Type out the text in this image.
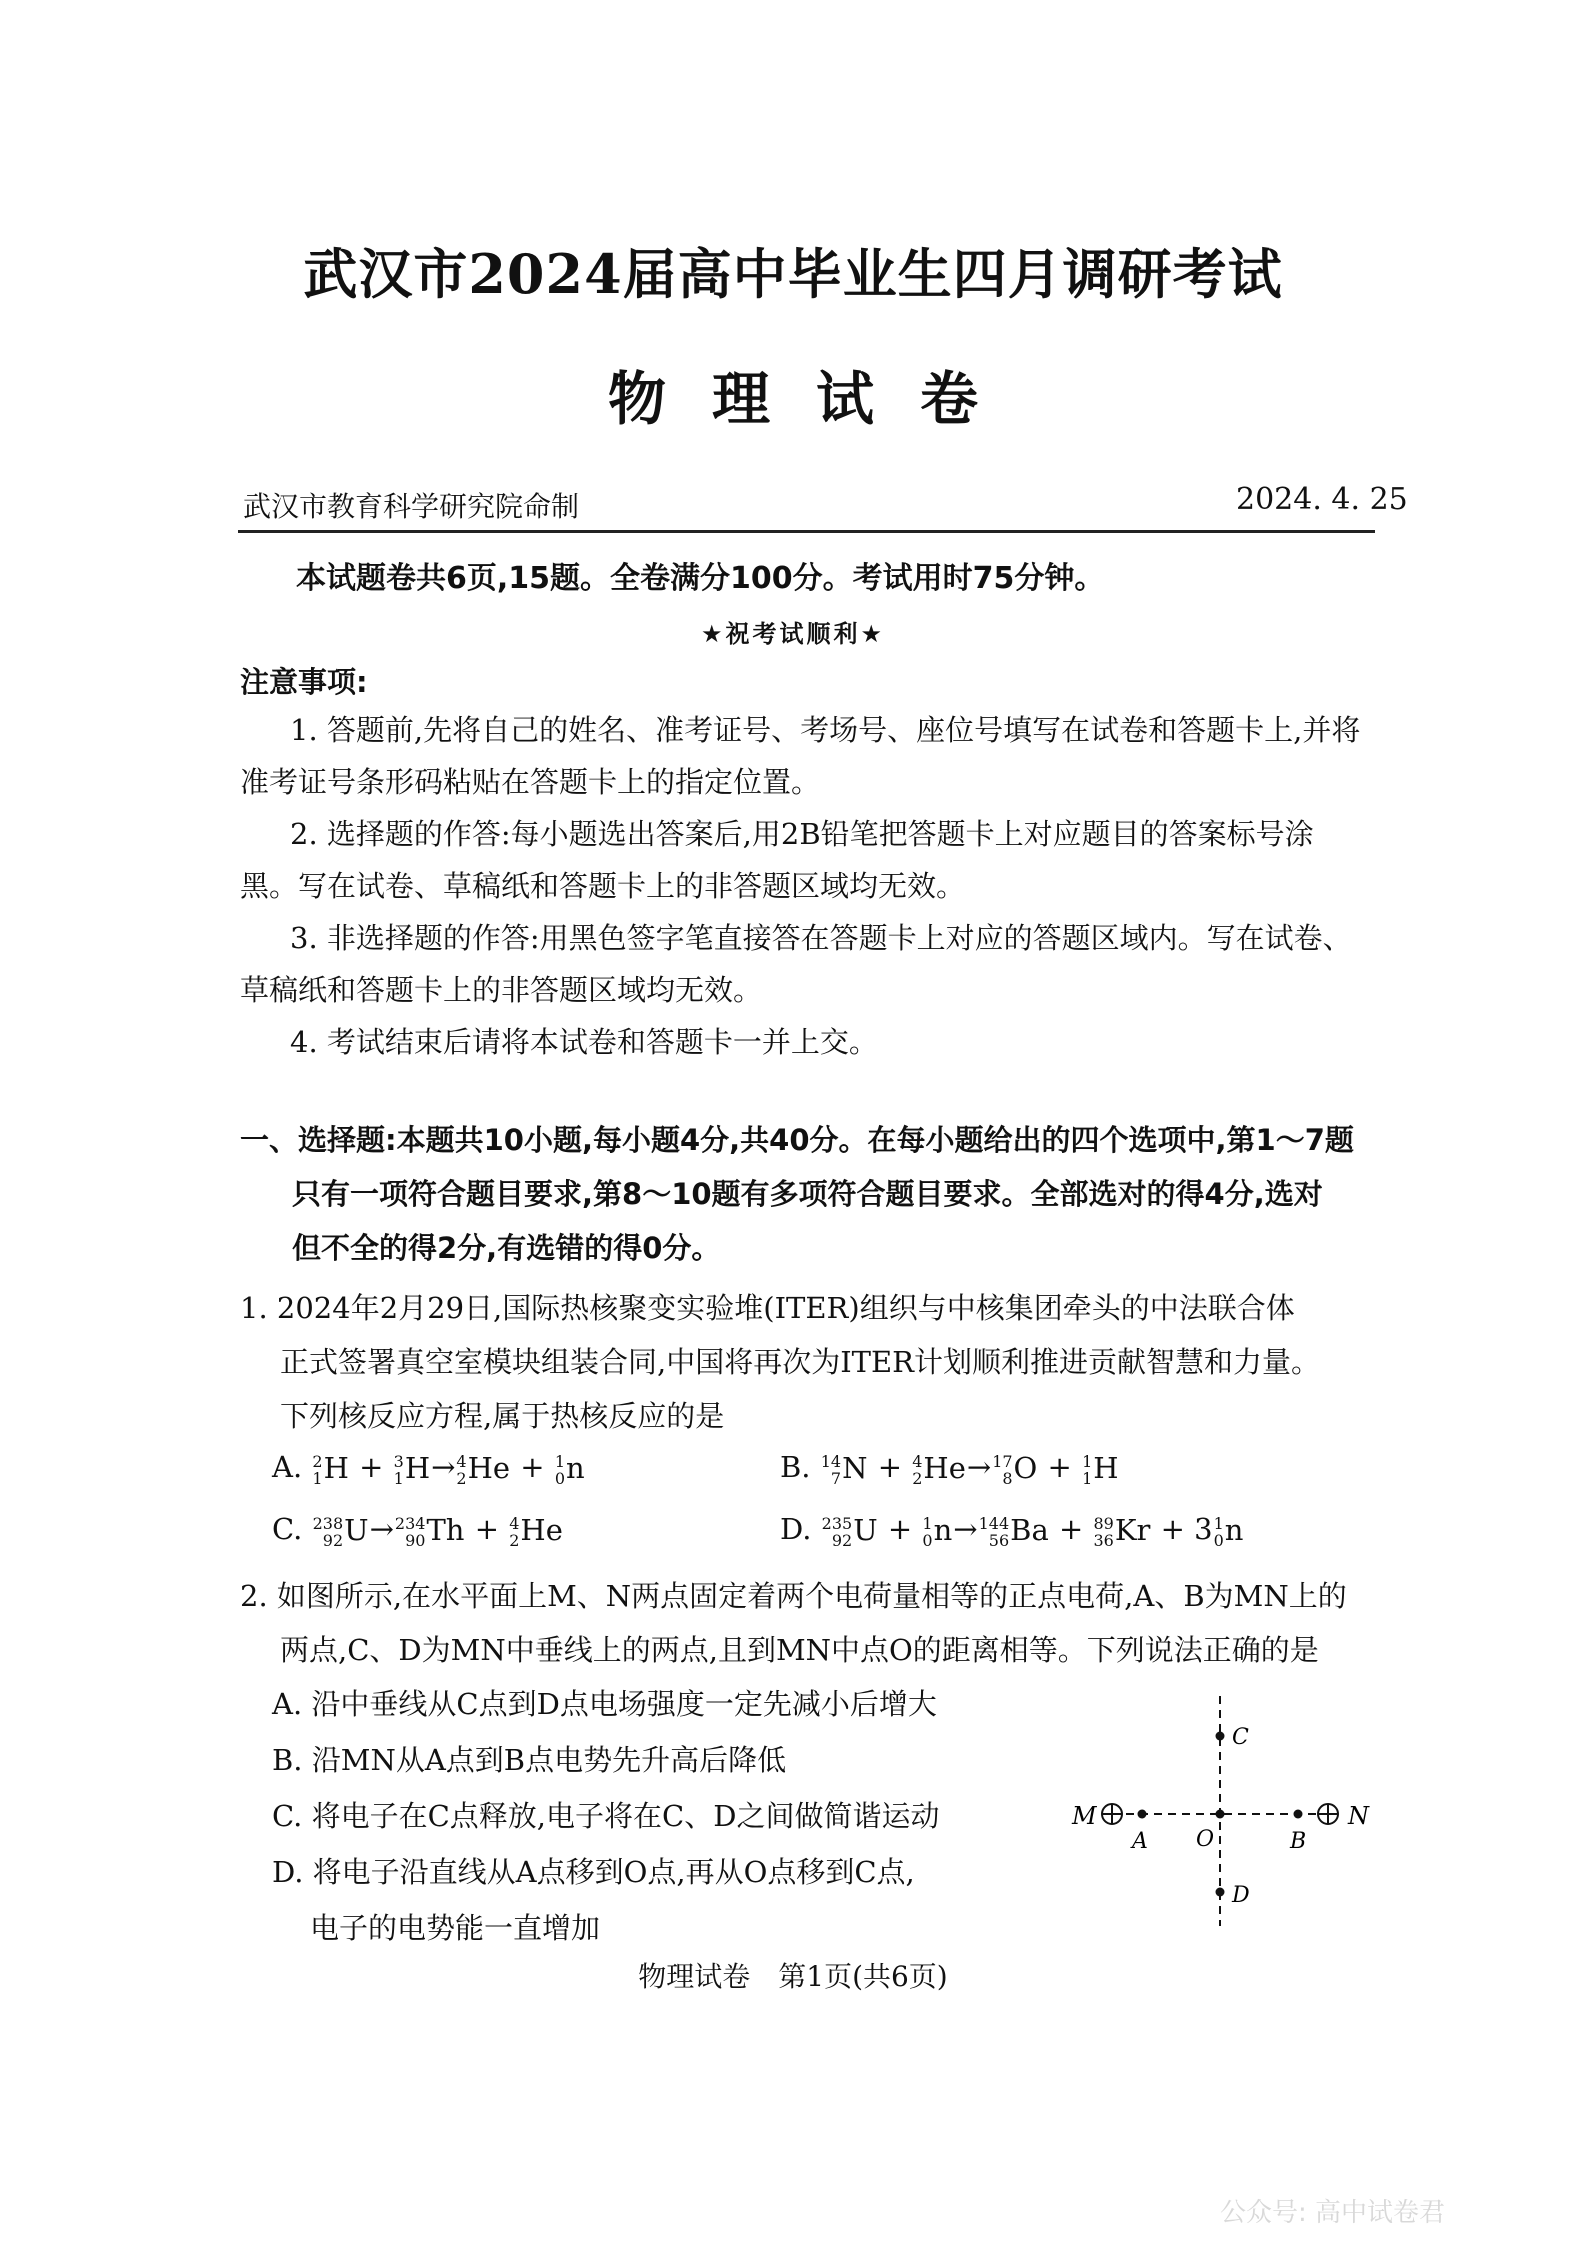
武汉市2024届高中毕业生四月调研考试
物理试卷
武汉市教育科学研究院命制	2024. 4. 25
本试题卷共6页,15题。全卷满分100分。考试用时75分钟。
★祝考试顺利★
注意事项:
1. 答题前,先将自己的姓名、准考证号、考场号、座位号填写在试卷和答题卡上,并将
准考证号条形码粘贴在答题卡上的指定位置。
2. 选择题的作答:每小题选出答案后,用2B铅笔把答题卡上对应题目的答案标号涂
黑。写在试卷、草稿纸和答题卡上的非答题区域均无效。
3. 非选择题的作答:用黑色签字笔直接答在答题卡上对应的答题区域内。写在试卷、
草稿纸和答题卡上的非答题区域均无效。
4. 考试结束后请将本试卷和答题卡一并上交。
一、选择题:本题共10小题,每小题4分,共40分。在每小题给出的四个选项中,第1～7题
只有一项符合题目要求,第8～10题有多项符合题目要求。全部选对的得4分,选对
但不全的得2分,有选错的得0分。
1. 2024年2月29日,国际热核聚变实验堆(ITER)组织与中核集团牵头的中法联合体
正式签署真空室模块组装合同,中国将再次为ITER计划顺利推进贡献智慧和力量。
下列核反应方程,属于热核反应的是
A. 2
1 H + 3
1 H→ 4
2 He + 1
0 n	B. 14
7 N + 4
2 He→ 17
8 O + 1
1 H
C. 238
92 U→ 234
90 Th + 4
2 He	D. 235
92 U + 1
0 n→ 144
56 Ba + 89
36 Kr + 3 1
0 n
2. 如图所示,在水平面上M、N两点固定着两个电荷量相等的正点电荷,A、B为MN上的
两点,C、D为MN中垂线上的两点,且到MN中点O的距离相等。下列说法正确的是
A. 沿中垂线从C点到D点电场强度一定先减小后增大
B. 沿MN从A点到B点电势先升高后降低
C. 将电子在C点释放,电子将在C、D之间做简谐运动
D. 将电子沿直线从A点移到O点,再从O点移到C点,
电子的电势能一直增加
M	N
A	B
O
C
D
物理试卷　第1页(共6页)
公众号: 高中试卷君
